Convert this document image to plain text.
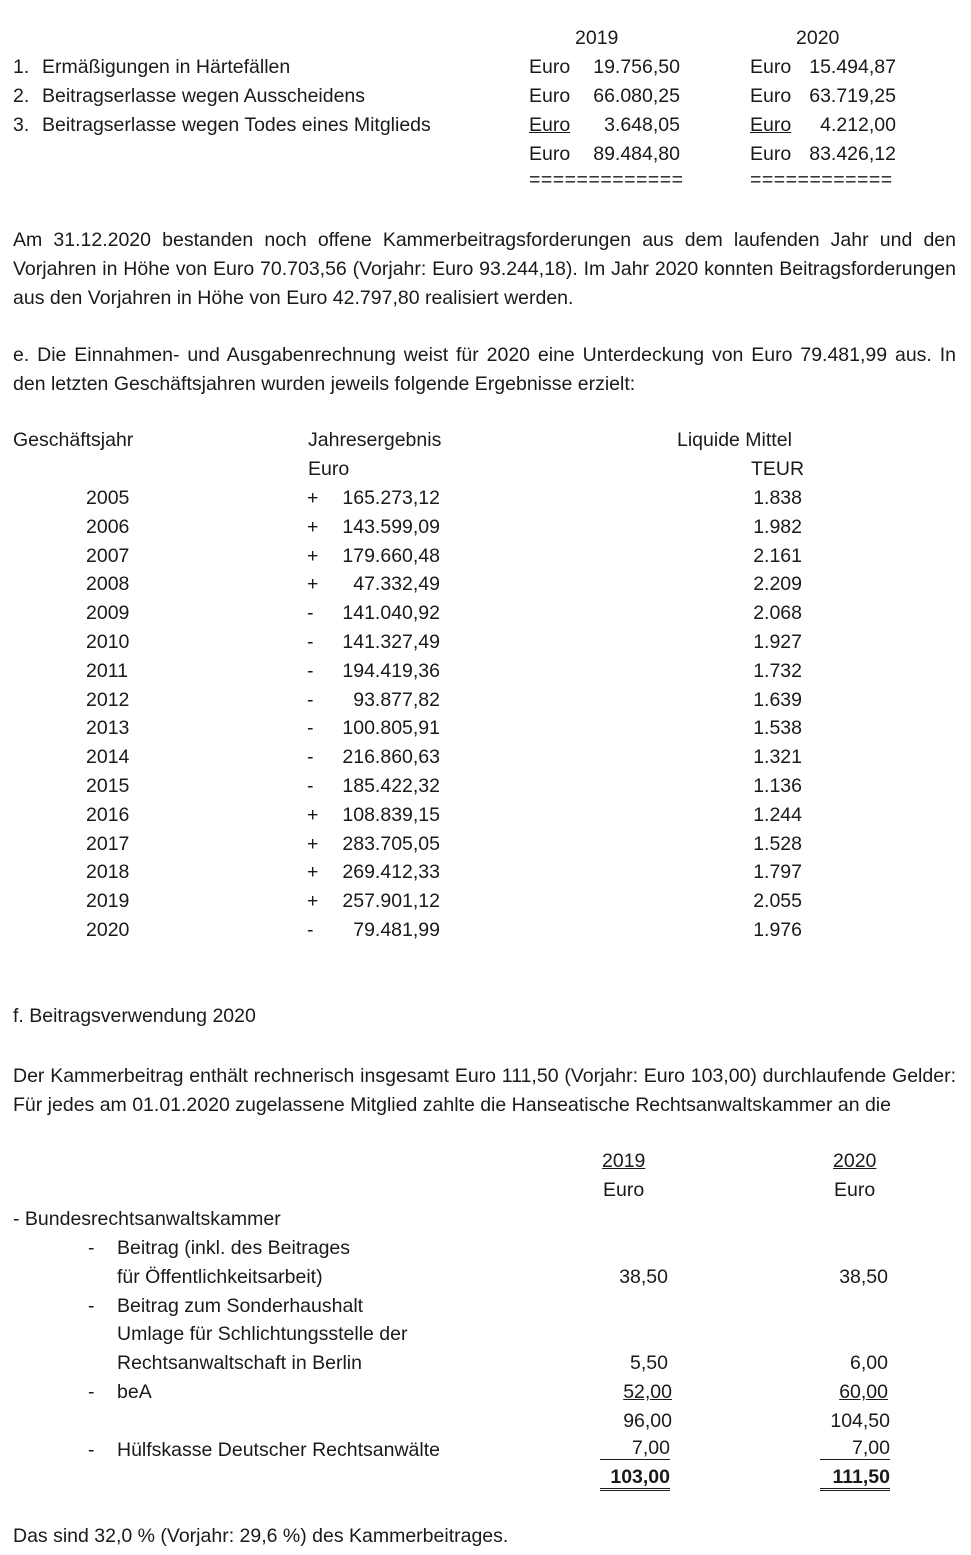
2019	2020
1. Ermäßigungen in Härtefällen	Euro	19.756,50	Euro 15.494,87
2. Beitragserlasse wegen Ausscheidens	Euro	66.080,25	Euro 63.719,25
3. Beitragserlasse wegen Todes eines Mitglieds	Euro	3.648,05	Euro	4.212,00
Euro	89.484,80	Euro 83.426,12
=============	============
Am 31.12.2020 bestanden noch offene Kammerbeitragsforderungen aus dem laufenden Jahr und den Vorjahren in Höhe von Euro 70.703,56 (Vorjahr: Euro 93.244,18). Im Jahr 2020 konnten Beitragsforderungen aus den Vorjahren in Höhe von Euro 42.797,80 realisiert werden.
e. Die Einnahmen- und Ausgabenrechnung weist für 2020 eine Unterdeckung von Euro 79.481,99 aus. In den letzten Geschäftsjahren wurden jeweils folgende Ergebnisse erzielt:
Geschäftsjahr	Jahresergebnis
Euro
Liquide Mittel
TEUR
2005	+	165.273,12	1.838
2006	+	143.599,09	1.982
2007	+	179.660,48	2.161
2008	+	47.332,49	2.209
2009	-	141.040,92	2.068
2010	-	141.327,49	1.927
2011	-	194.419,36	1.732
2012	-	93.877,82	1.639
2013	-	100.805,91	1.538
2014	-	216.860,63	1.321
2015	-	185.422,32	1.136
2016	+	108.839,15	1.244
2017	+	283.705,05	1.528
2018	+	269.412,33	1.797
2019	+	257.901,12	2.055
2020	-	79.481,99	1.976
f. Beitragsverwendung 2020
Der Kammerbeitrag enthält rechnerisch insgesamt Euro 111,50 (Vorjahr: Euro 103,00) durchlaufende Gelder: Für jedes am 01.01.2020 zugelassene Mitglied zahlte die Hanseatische Rechtsanwaltskammer an die
2019
Euro
2020
Euro
- Bundesrechtsanwaltskammer
- Beitrag (inkl. des Beitrages
für Öffentlichkeitsarbeit)	38,50	38,50
- Beitrag zum Sonderhaushalt
Umlage für Schlichtungsstelle der
Rechtsanwaltschaft in Berlin	5,50	6,00
- beA	52,00	60,00
96,00	104,50
- Hülfskasse Deutscher Rechtsanwälte	7,00	7,00
103,00	111,50
Das sind 32,0 % (Vorjahr: 29,6 %) des Kammerbeitrages.
